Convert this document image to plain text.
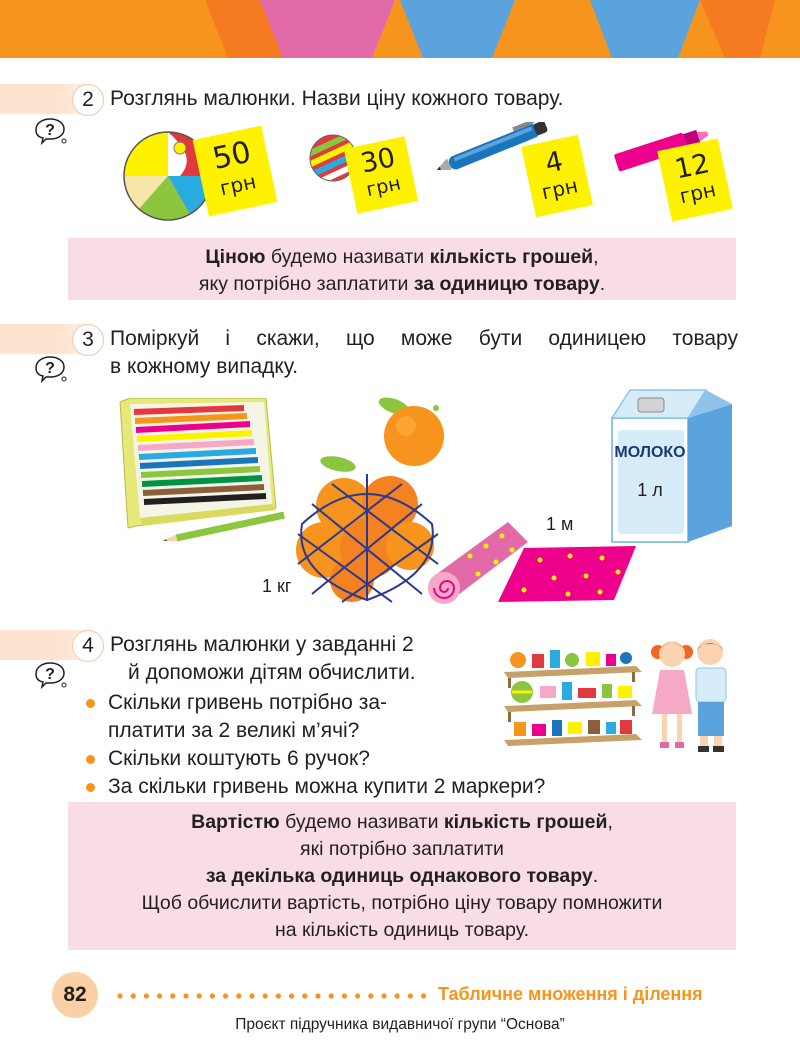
2 Розглянь малюнки. Назви ціну кожного товару.
?
50
грн
30
грн
4
грн
12
грн
Ціною будемо називати кількість грошей,
яку потрібно заплатити за одиницю товару.
3 Поміркуй і скажи, що може бути одиницею товару
в кожному випадку.
?
1 кг
1 м
МОЛОКО
1 л
4 Розглянь малюнки у завданні 2
й допоможи дітям обчислити.
?
Скільки гривень потрібно за-
платити за 2 великі м’ячі?
Скільки коштують 6 ручок?
За скільки гривень можна купити 2 маркери?
Вартістю будемо називати кількість грошей,
які потрібно заплатити
за декілька одиниць однакового товару.
Щоб обчислити вартість, потрібно ціну товару помножити
на кількість одиниць товару.
82	Табличне множення і ділення
Проєкт підручника видавничої групи “Основа”
